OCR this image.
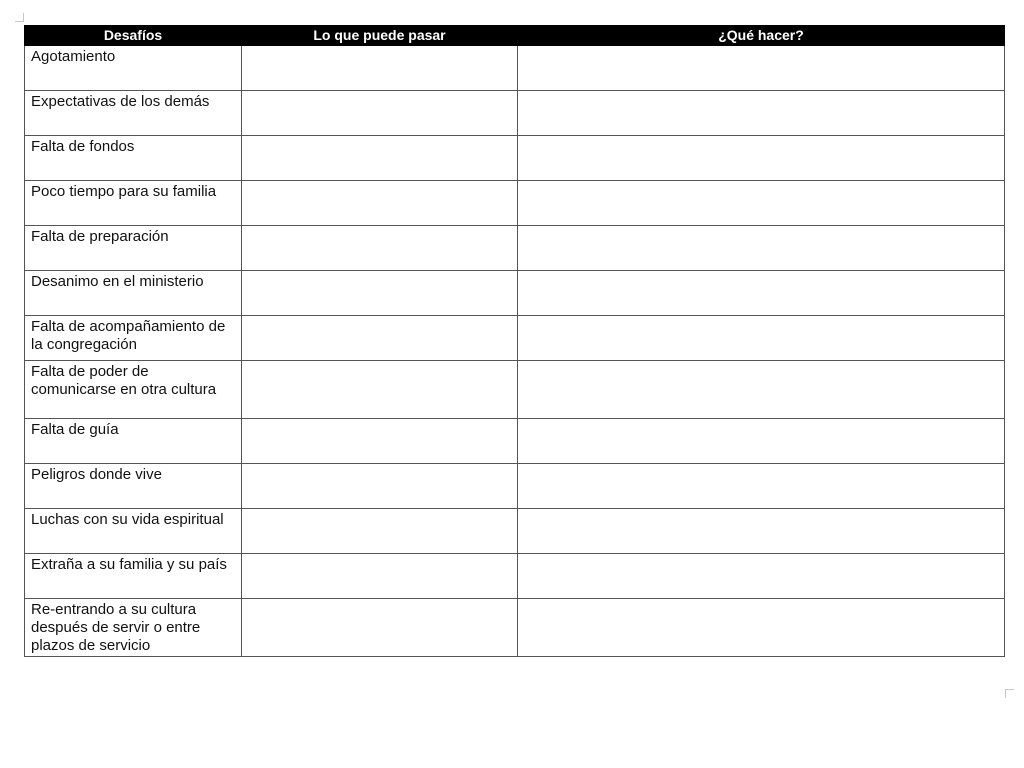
Desafíos	Lo que puede pasar	¿Qué hacer?
Agotamiento		
Expectativas de los demás		
Falta de fondos		
Poco tiempo para su familia		
Falta de preparación		
Desanimo en el ministerio		
Falta de acompañamiento de la congregación		
Falta de poder de comunicarse en otra cultura		
Falta de guía		
Peligros donde vive		
Luchas con su vida espiritual		
Extraña a su familia y su país		
Re-entrando a su cultura después de servir o entre plazos de servicio		
